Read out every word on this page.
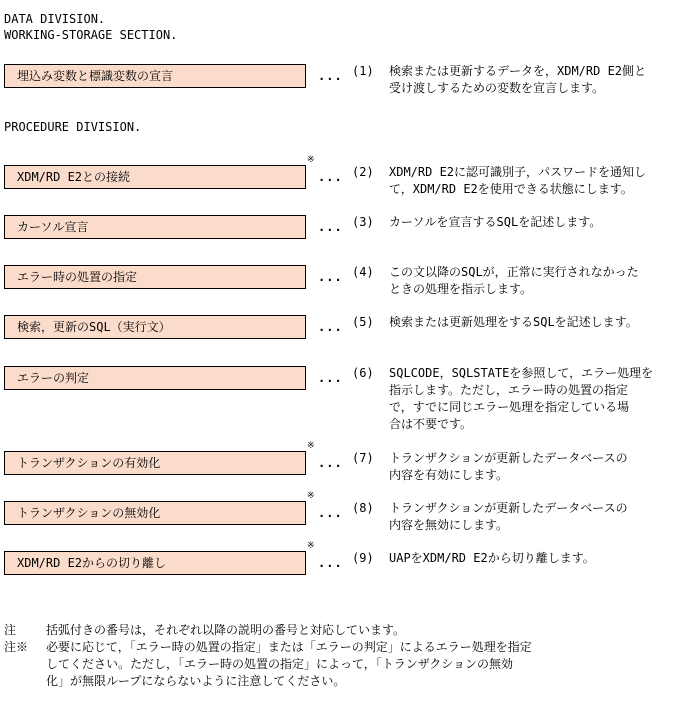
DATA DIVISION.
WORKING-STORAGE SECTION.
埋込み変数と標識変数の宣言	... (1) 検索または更新するデータを，XDM/RD E2側と
受け渡しするための変数を宣言します。
PROCEDURE DIVISION.
※
XDM/RD E2との接続	... (2) XDM/RD E2に認可識別子，パスワードを通知し
て，XDM/RD E2を使用できる状態にします。
カーソル宣言	... (3) カーソルを宣言するSQLを記述します。
エラー時の処置の指定	... (4) この文以降のSQLが，正常に実行されなかった
ときの処理を指示します。
検索，更新のSQL（実行文）	... (5) 検索または更新処理をするSQLを記述します。
エラーの判定	... (6) SQLCODE，SQLSTATEを参照して，エラー処理を
指示します。ただし，エラー時の処置の指定
で，すでに同じエラー処理を指定している場
合は不要です。
※
トランザクションの有効化	... (7) トランザクションが更新したデータベースの
内容を有効にします。
※
トランザクションの無効化	... (8) トランザクションが更新したデータベースの
内容を無効にします。
※
XDM/RD E2からの切り離し	... (9) UAPをXDM/RD E2から切り離します。
注 括弧付きの番号は，それぞれ以降の説明の番号と対応しています。
注※ 必要に応じて，「エラー時の処置の指定」または「エラーの判定」によるエラー処理を指定
してください。ただし，「エラー時の処置の指定」によって，「トランザクションの無効
化」が無限ループにならないように注意してください。
